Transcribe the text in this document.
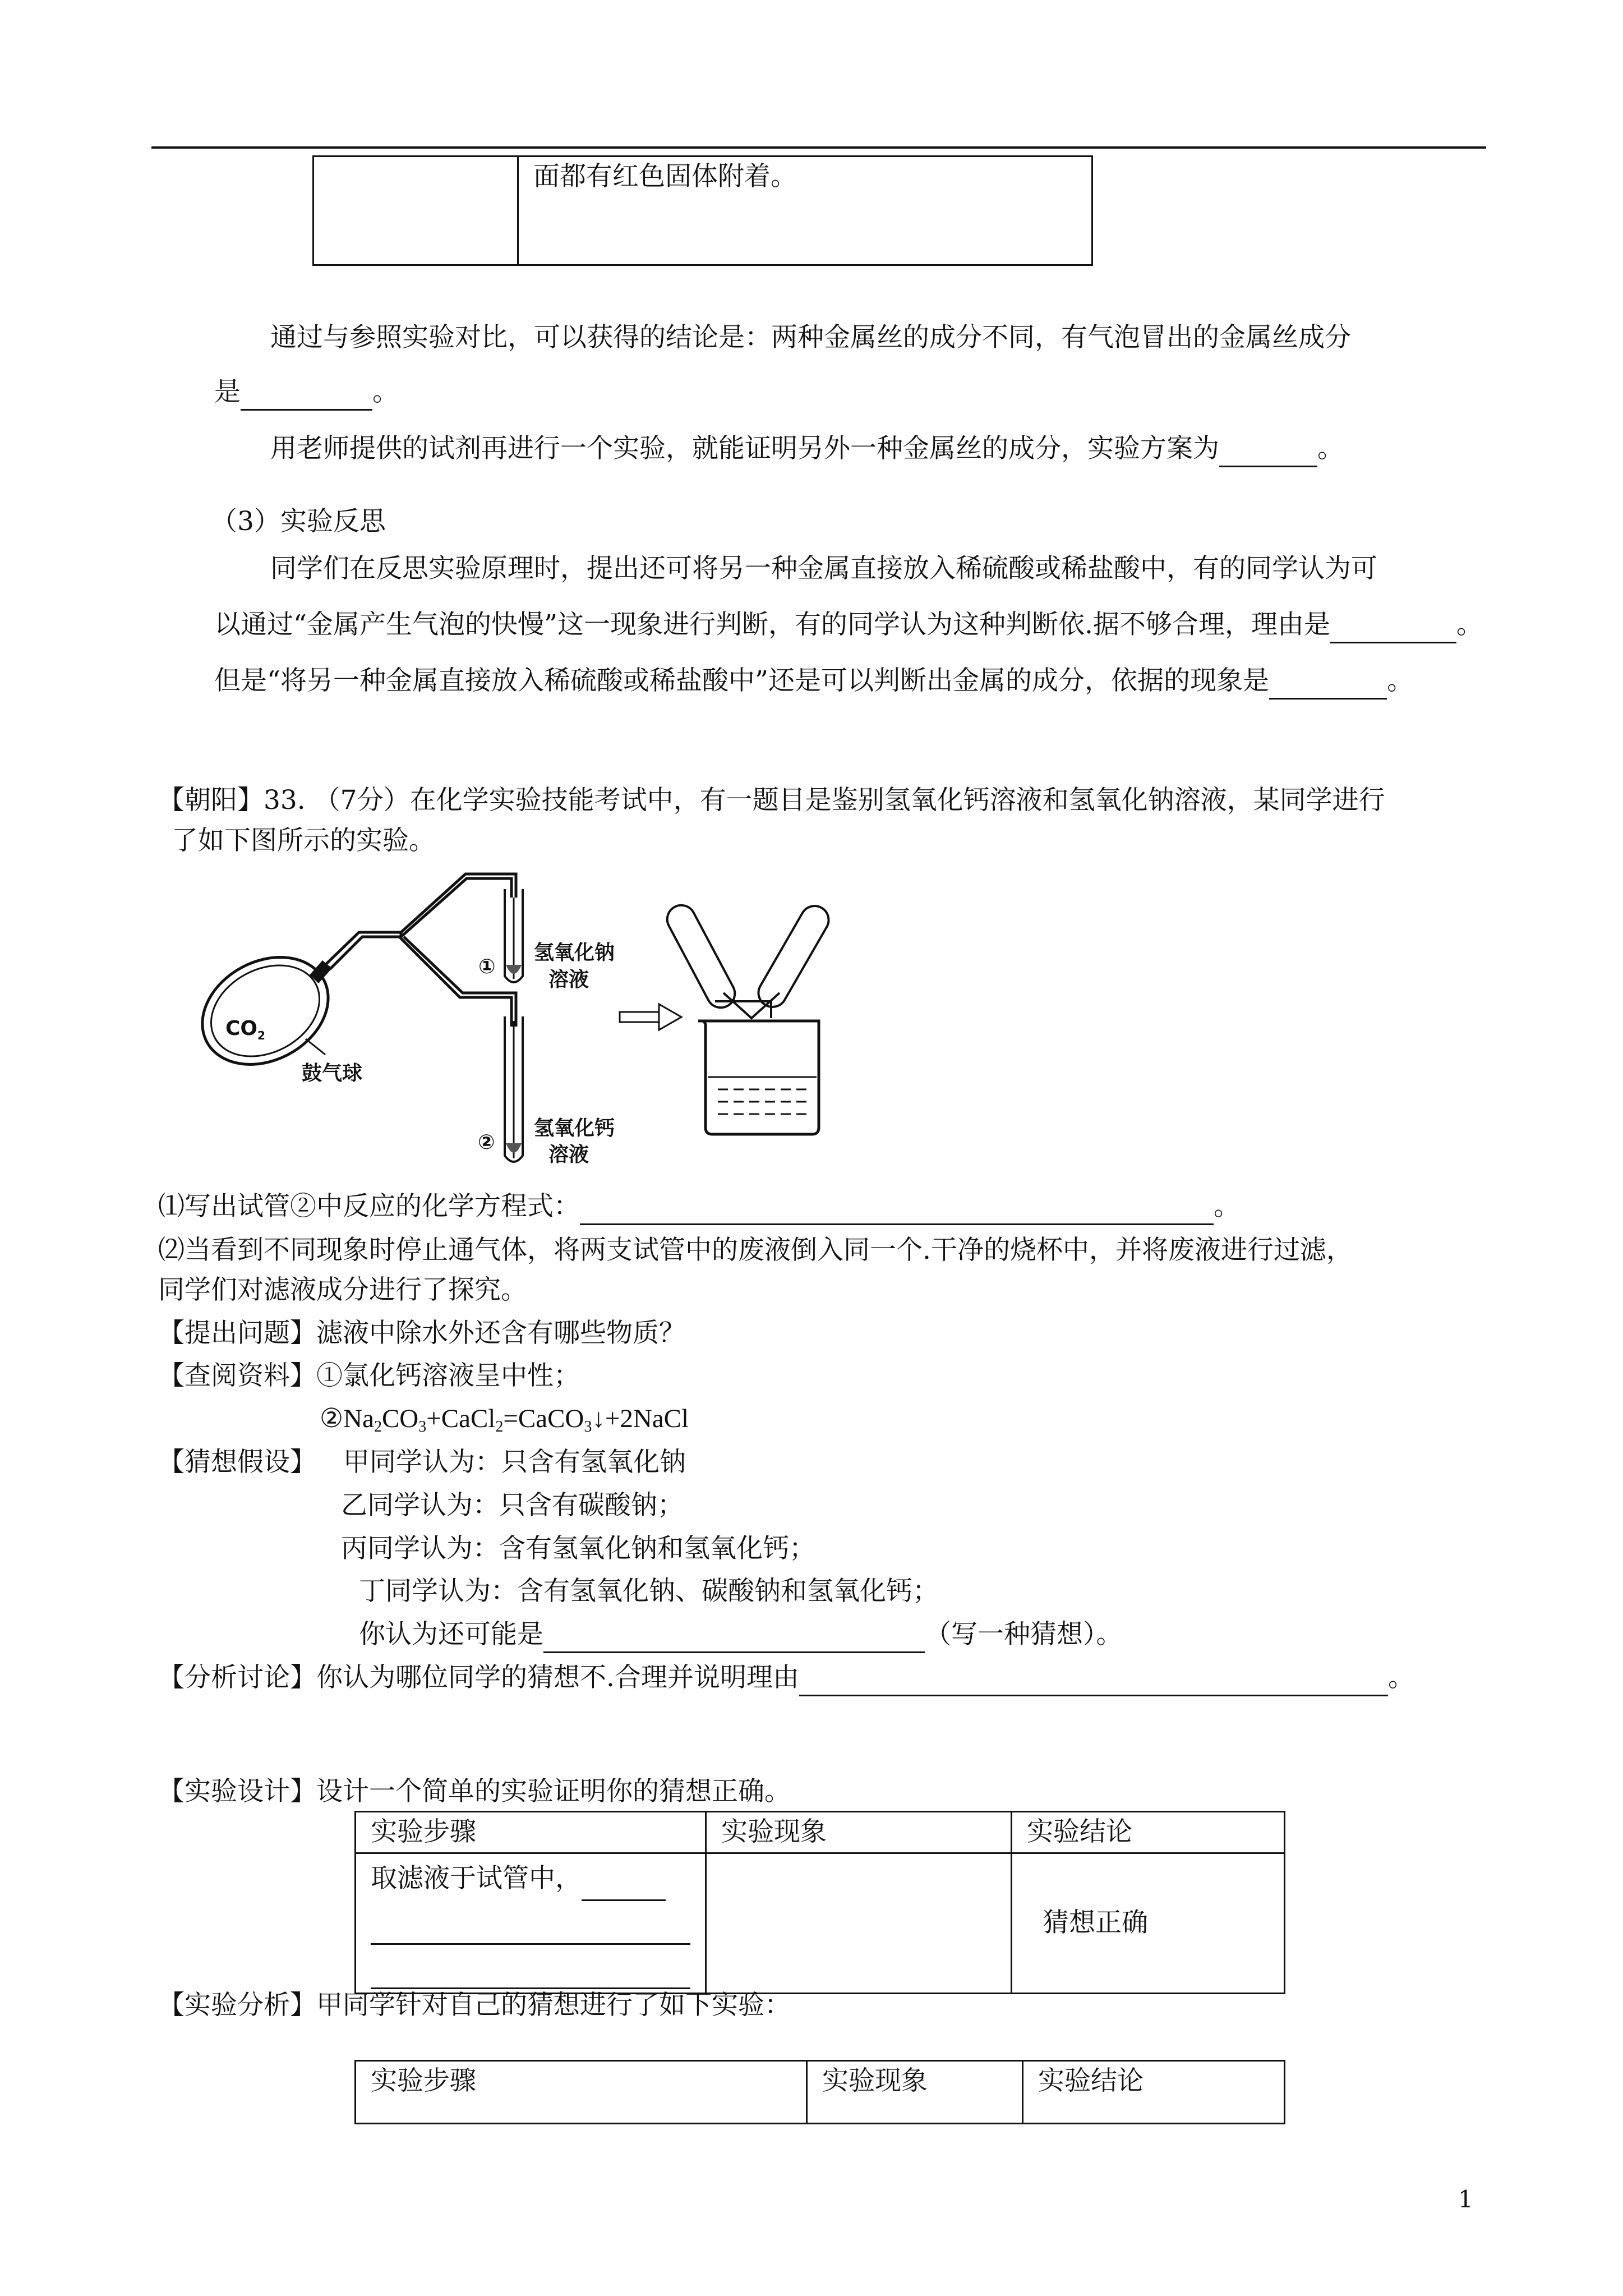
	面都有红色固体附着。
通过与参照实验对比，可以获得的结论是：两种金属丝的成分不同，有气泡冒出的金属丝成分
是	。
用老师提供的试剂再进行一个实验，就能证明另外一种金属丝的成分，实验方案为	。
（3）实验反思
同学们在反思实验原理时，提出还可将另一种金属直接放入稀硫酸或稀盐酸中，有的同学认为可
以通过“金属产生气泡的快慢”这一现象进行判断，有的同学认为这种判断依.据不够合理，理由是	。
但是“将另一种金属直接放入稀硫酸或稀盐酸中”还是可以判断出金属的成分，依据的现象是	。
【朝阳】33. （7分）在化学实验技能考试中，有一题目是鉴别氢氧化钙溶液和氢氧化钠溶液，某同学进行
了如下图所示的实验。
$CO_2$
鼓气球
①
氢氧化钠
溶液
②
氢氧化钙
溶液
⑴写出试管②中反应的化学方程式：	。
⑵当看到不同现象时停止通气体，将两支试管中的废液倒入同一个.干净的烧杯中，并将废液进行过滤，
同学们对滤液成分进行了探究。
【提出问题】滤液中除水外还含有哪些物质？
【查阅资料】①氯化钙溶液呈中性；
$②Na_2CO_3+CaCl_2=CaCO_3↓+2NaCl$
【猜想假设】 甲同学认为：只含有氢氧化钠
乙同学认为：只含有碳酸钠；
丙同学认为：含有氢氧化钠和氢氧化钙；
丁同学认为：含有氢氧化钠、碳酸钠和氢氧化钙；
你认为还可能是	（写一种猜想）。
【分析讨论】你认为哪位同学的猜想不.合理并说明理由	。
【实验设计】设计一个简单的实验证明你的猜想正确。
实验步骤	实验现象	实验结论
取滤液于试管中，		猜想正确
【实验分析】甲同学针对自己的猜想进行了如下实验：
实验步骤	实验现象	实验结论
1
